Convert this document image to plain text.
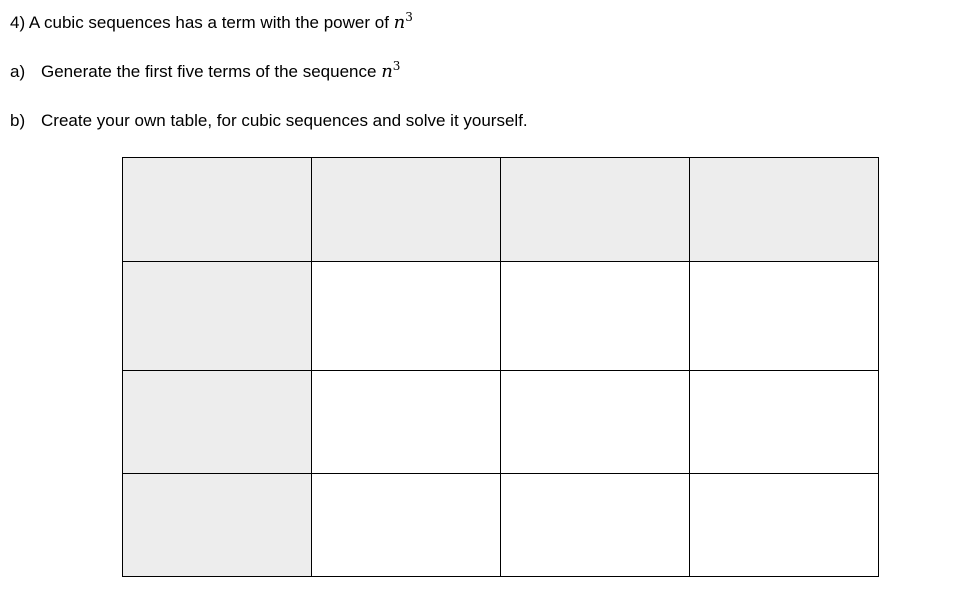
4) A cubic sequences has a term with the power of $n^3$
a) Generate the first five terms of the sequence $n^3$
b) Create your own table, for cubic sequences and solve it yourself.
